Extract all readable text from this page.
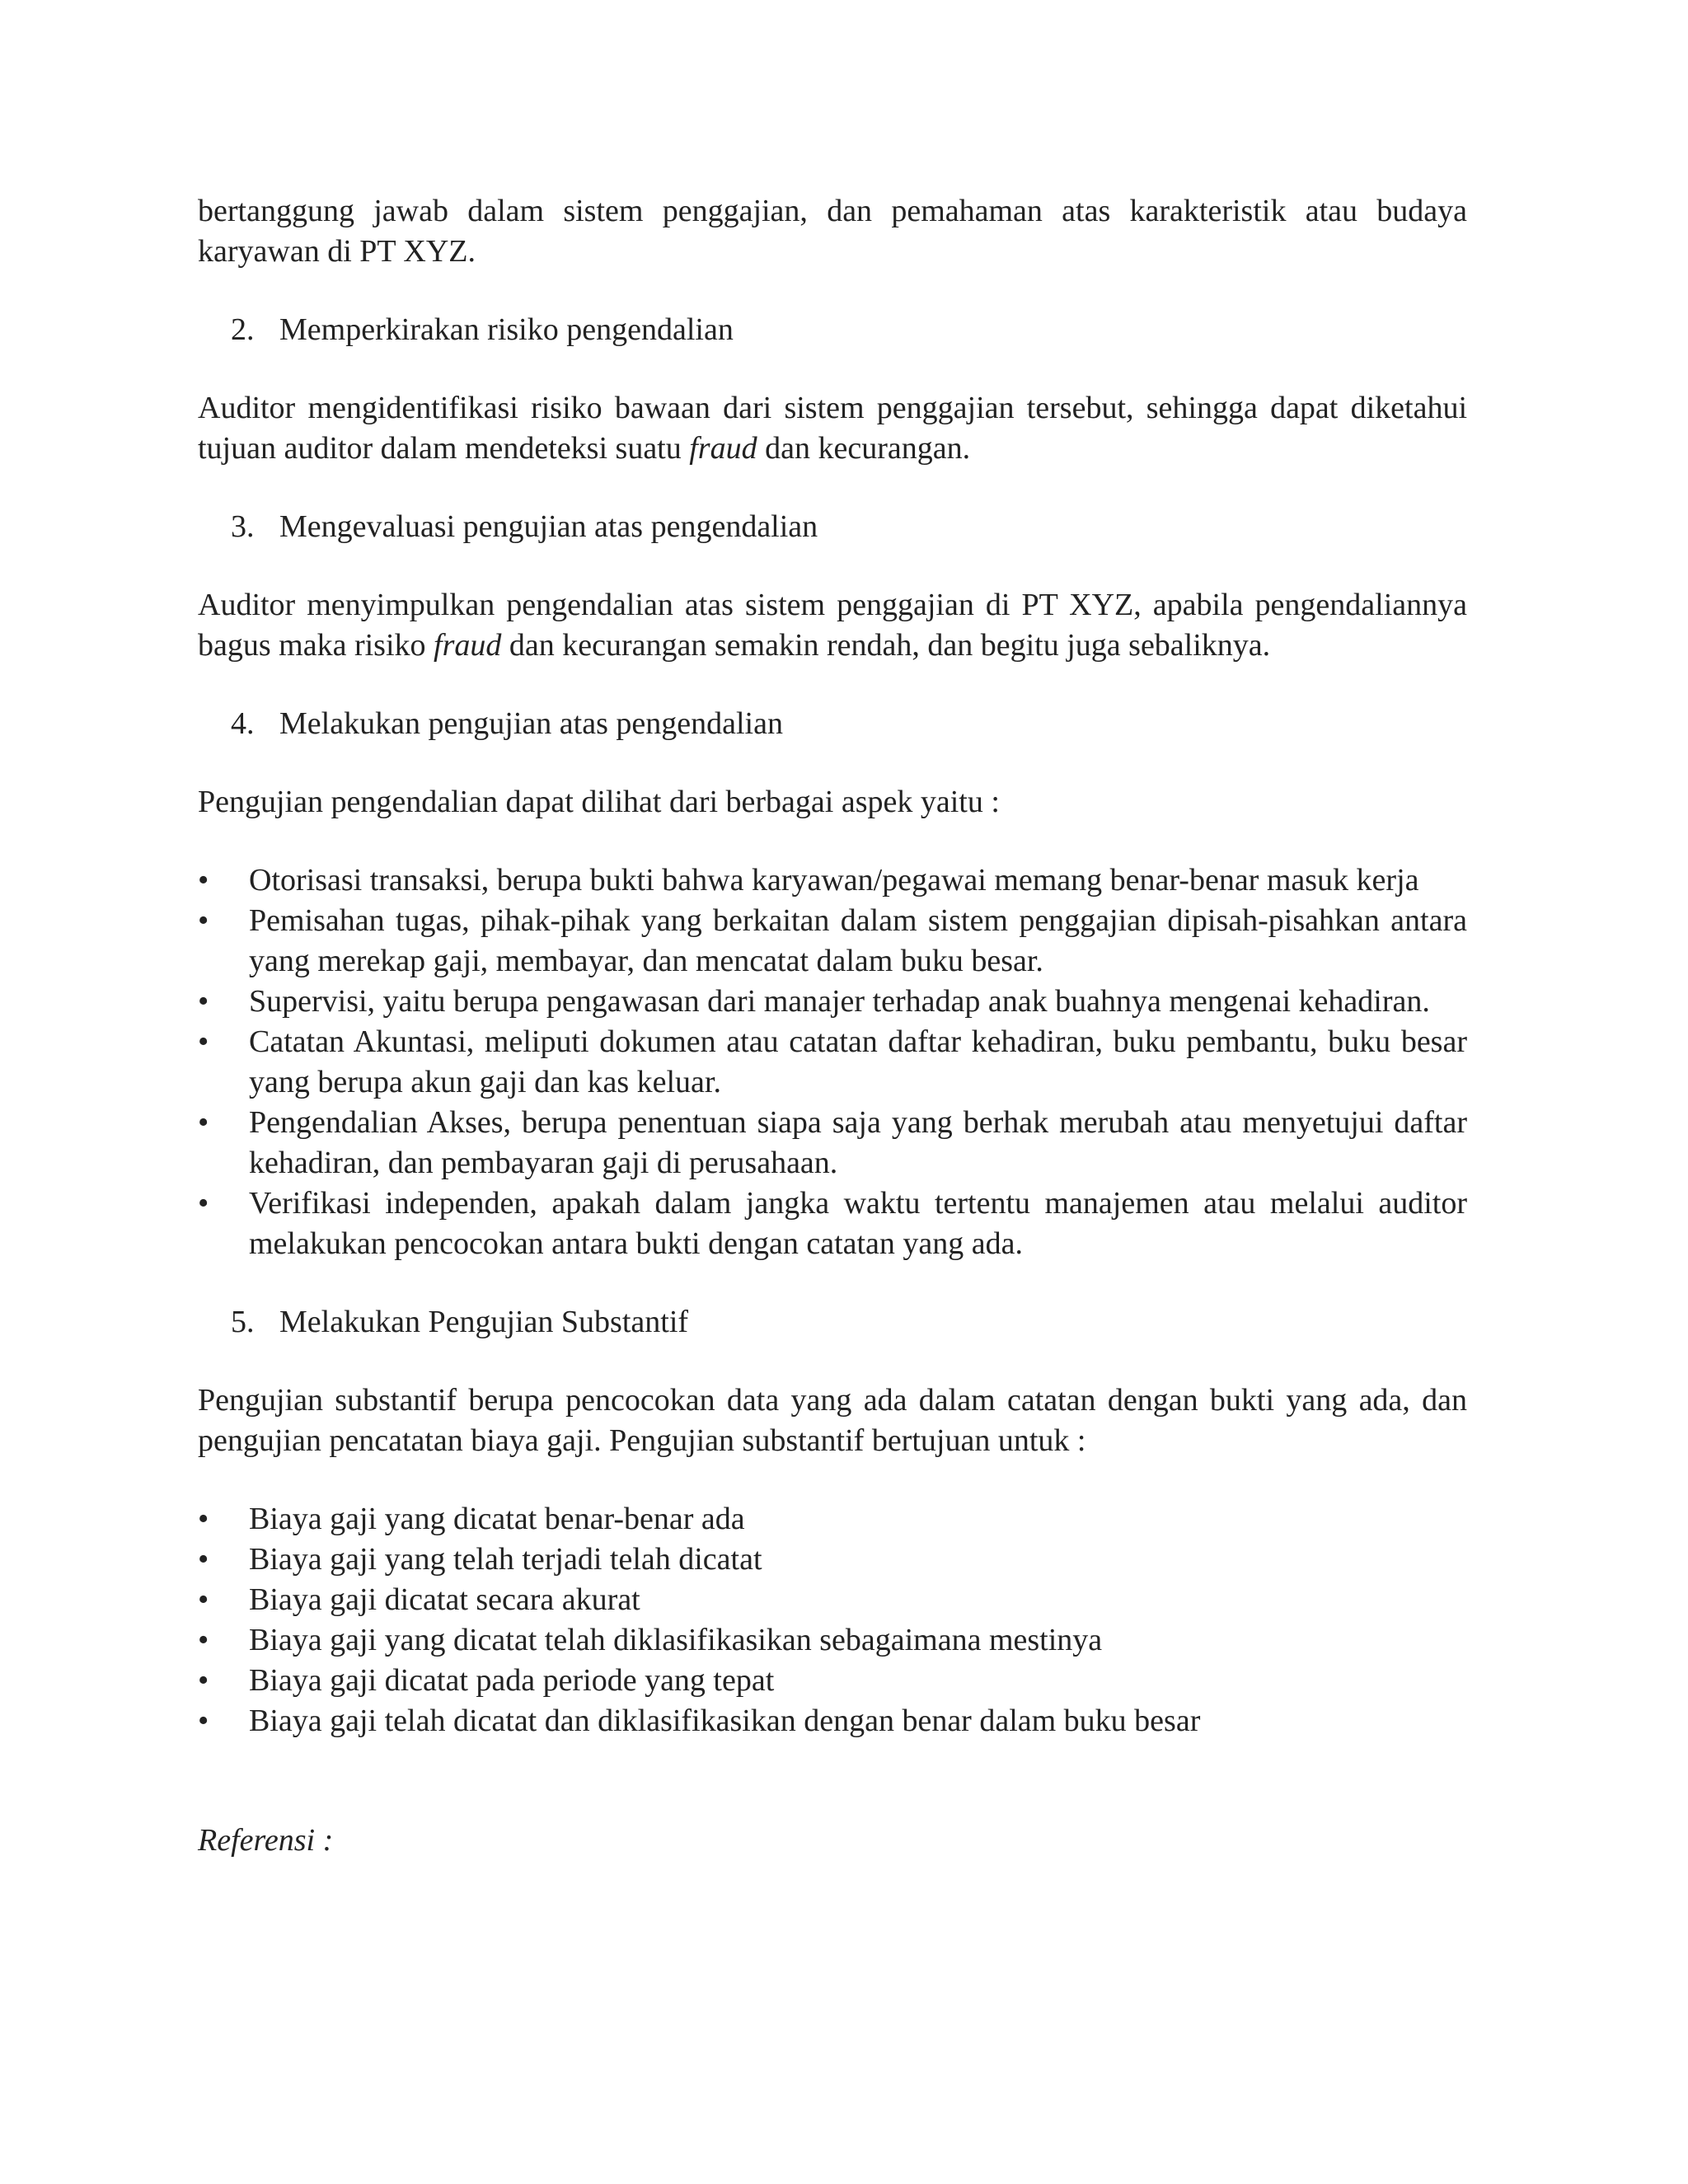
bertanggung jawab dalam sistem penggajian, dan pemahaman atas karakteristik atau budaya karyawan di PT XYZ.

2. Memperkirakan risiko pengendalian

Auditor mengidentifikasi risiko bawaan dari sistem penggajian tersebut, sehingga dapat diketahui tujuan auditor dalam mendeteksi suatu fraud dan kecurangan.

3. Mengevaluasi pengujian atas pengendalian

Auditor menyimpulkan pengendalian atas sistem penggajian di PT XYZ, apabila pengendaliannya bagus maka risiko fraud dan kecurangan semakin rendah, dan begitu juga sebaliknya.

4. Melakukan pengujian atas pengendalian

Pengujian pengendalian dapat dilihat dari berbagai aspek yaitu :

• Otorisasi transaksi, berupa bukti bahwa karyawan/pegawai memang benar-benar masuk kerja
• Pemisahan tugas, pihak-pihak yang berkaitan dalam sistem penggajian dipisah-pisahkan antara yang merekap gaji, membayar, dan mencatat dalam buku besar.
• Supervisi, yaitu berupa pengawasan dari manajer terhadap anak buahnya mengenai kehadiran.
• Catatan Akuntasi, meliputi dokumen atau catatan daftar kehadiran, buku pembantu, buku besar yang berupa akun gaji dan kas keluar.
• Pengendalian Akses, berupa penentuan siapa saja yang berhak merubah atau menyetujui daftar kehadiran, dan pembayaran gaji di perusahaan.
• Verifikasi independen, apakah dalam jangka waktu tertentu manajemen atau melalui auditor melakukan pencocokan antara bukti dengan catatan yang ada.

5. Melakukan Pengujian Substantif

Pengujian substantif berupa pencocokan data yang ada dalam catatan dengan bukti yang ada, dan pengujian pencatatan biaya gaji. Pengujian substantif bertujuan untuk :

• Biaya gaji yang dicatat benar-benar ada
• Biaya gaji yang telah terjadi telah dicatat
• Biaya gaji dicatat secara akurat
• Biaya gaji yang dicatat telah diklasifikasikan sebagaimana mestinya
• Biaya gaji dicatat pada periode yang tepat
• Biaya gaji telah dicatat dan diklasifikasikan dengan benar dalam buku besar

Referensi :
